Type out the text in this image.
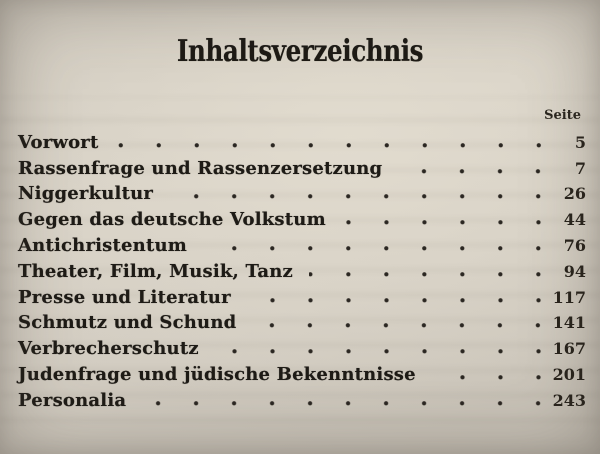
Inhaltsverzeichnis
Seite
Vorwort	5
Rassenfrage und Rassenzersetzung	7
Niggerkultur	26
Gegen das deutsche Volkstum	44
Antichristentum	76
Theater, Film, Musik, Tanz	94
Presse und Literatur	117
Schmutz und Schund	141
Verbrecherschutz	167
Judenfrage und jüdische Bekenntnisse	201
Personalia	243
